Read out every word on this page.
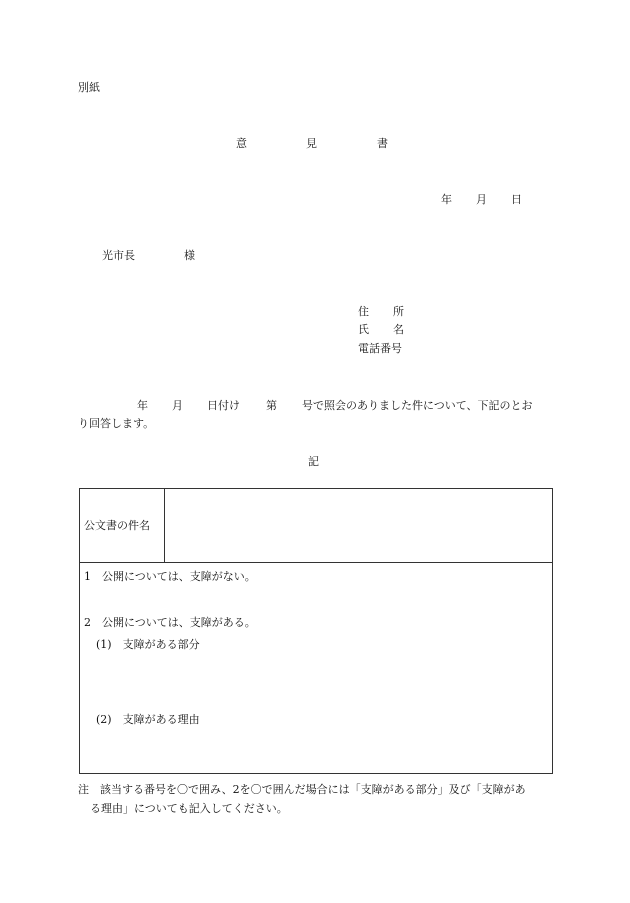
別紙
意	見	書
年 月 日
光市長	様
住 所
氏 名
電話番号
年 月 日付け 第 号で照会のありました件について、下記のとお
り回答します。
記
公文書の件名
1　公開については、支障がない。
2　公開については、支障がある。
(1)　支障がある部分
(2)　支障がある理由
注　該当する番号を〇で囲み、2を〇で囲んだ場合には「支障がある部分」及び「支障があ
る理由」についても記入してください。
